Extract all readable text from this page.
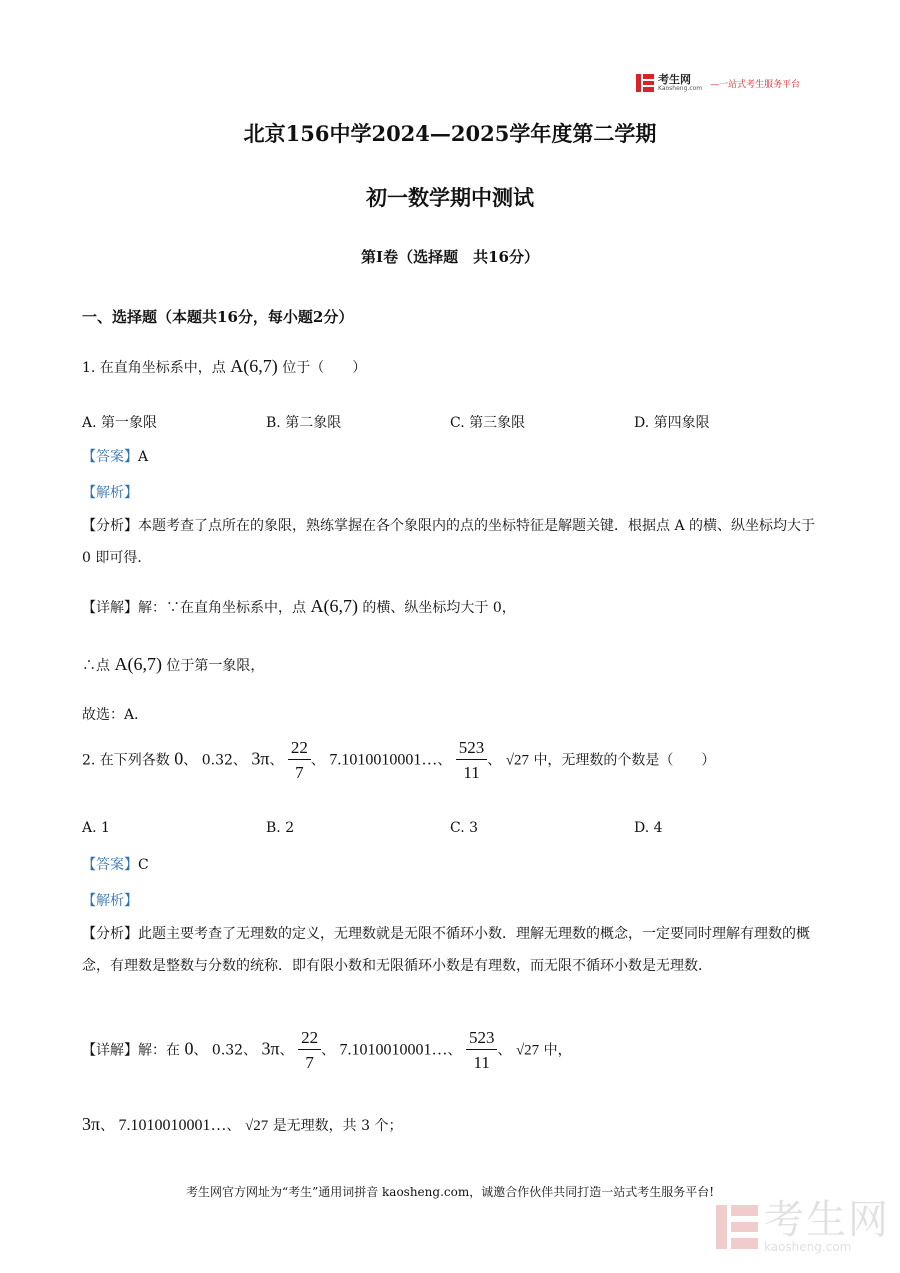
考生网
Kaosheng.com —一站式考生服务平台
北京156中学2024—2025学年度第二学期
初一数学期中测试
第Ⅰ卷（选择题　共16分）
一、选择题（本题共16分，每小题2分）
1. 在直角坐标系中，点 A(6,7) 位于（　　）
A. 第一象限	B. 第二象限	C. 第三象限	D. 第四象限
【答案】A
【解析】
【分析】本题考查了点所在的象限，熟练掌握在各个象限内的点的坐标特征是解题关键．根据点 A 的横、纵坐标均大于 0 即可得．
【详解】解：∵在直角坐标系中，点 A(6,7) 的横、纵坐标均大于 0，
∴点 A(6,7) 位于第一象限，
故选：A．
2. 在下列各数 0、 0.32̇、 3π、 $\frac{22}{7}$ 、 7.1010010001…、 $\frac{523}{11}$ 、 √27 中，无理数的个数是（　　）
A. 1	B. 2	C. 3	D. 4
【答案】C
【解析】
【分析】此题主要考查了无理数的定义，无理数就是无限不循环小数．理解无理数的概念，一定要同时理解有理数的概念，有理数是整数与分数的统称．即有限小数和无限循环小数是有理数，而无限不循环小数是无理数．
【详解】解：在 0、 0.32̇、 3π、 $\frac{22}{7}$ 、 7.1010010001…、 $\frac{523}{11}$ 、 √27 中，
3π、 7.1010010001…、 √27 是无理数，共 3 个；
考生网官方网址为“考生”通用词拼音 kaosheng.com，诚邀合作伙伴共同打造一站式考生服务平台!
考生网
kaosheng.com
